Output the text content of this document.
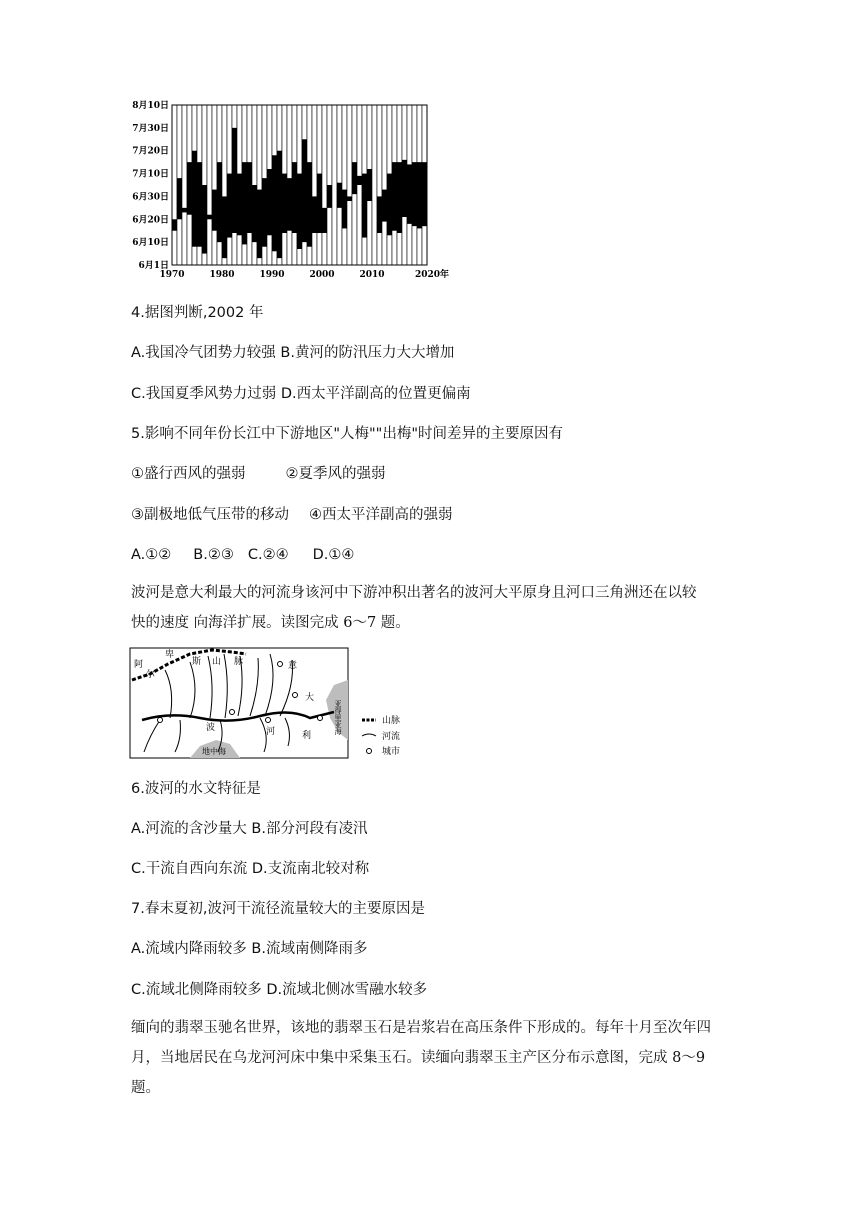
8月10日
7月30日
7月20日
7月10日
6月30日
6月20日
6月10日
6月1日
1970	1980	1990	2000	2010	2020年
4.据图判断,2002 年
A.我国冷气团势力较强 B.黄河的防汛压力大大增加
C.我国夏季风势力过弱 D.西太平洋副高的位置更偏南
5.影响不同年份长江中下游地区"人梅""出梅"时间差异的主要原因有
①盛行西风的强弱	②夏季风的强弱
③副极地低气压带的移动 ④西太平洋副高的强弱
A.①② B.②③ C.②④ D.①④
波河是意大利最大的河流身该河中下游冲积出著名的波河大平原身且河口三角洲还在以较
快的速度 向海洋扩展。读图完成 6～7 题。
阿
尔
卑
斯 山 脉	意
大
波	河	利
地中海
亚得里亚海	山脉
河流
城市
6.波河的水文特征是
A.河流的含沙量大 B.部分河段有凌汛
C.干流自西向东流 D.支流南北较对称
7.春末夏初,波河干流径流量较大的主要原因是
A.流域内降雨较多 B.流域南侧降雨多
C.流域北侧降雨较多 D.流域北侧冰雪融水较多
缅向的翡翠玉驰名世界，该地的翡翠玉石是岩浆岩在高压条件下形成的。每年十月至次年四
月，当地居民在乌龙河河床中集中采集玉石。读缅向翡翠玉主产区分布示意图，完成 8～9
题。
